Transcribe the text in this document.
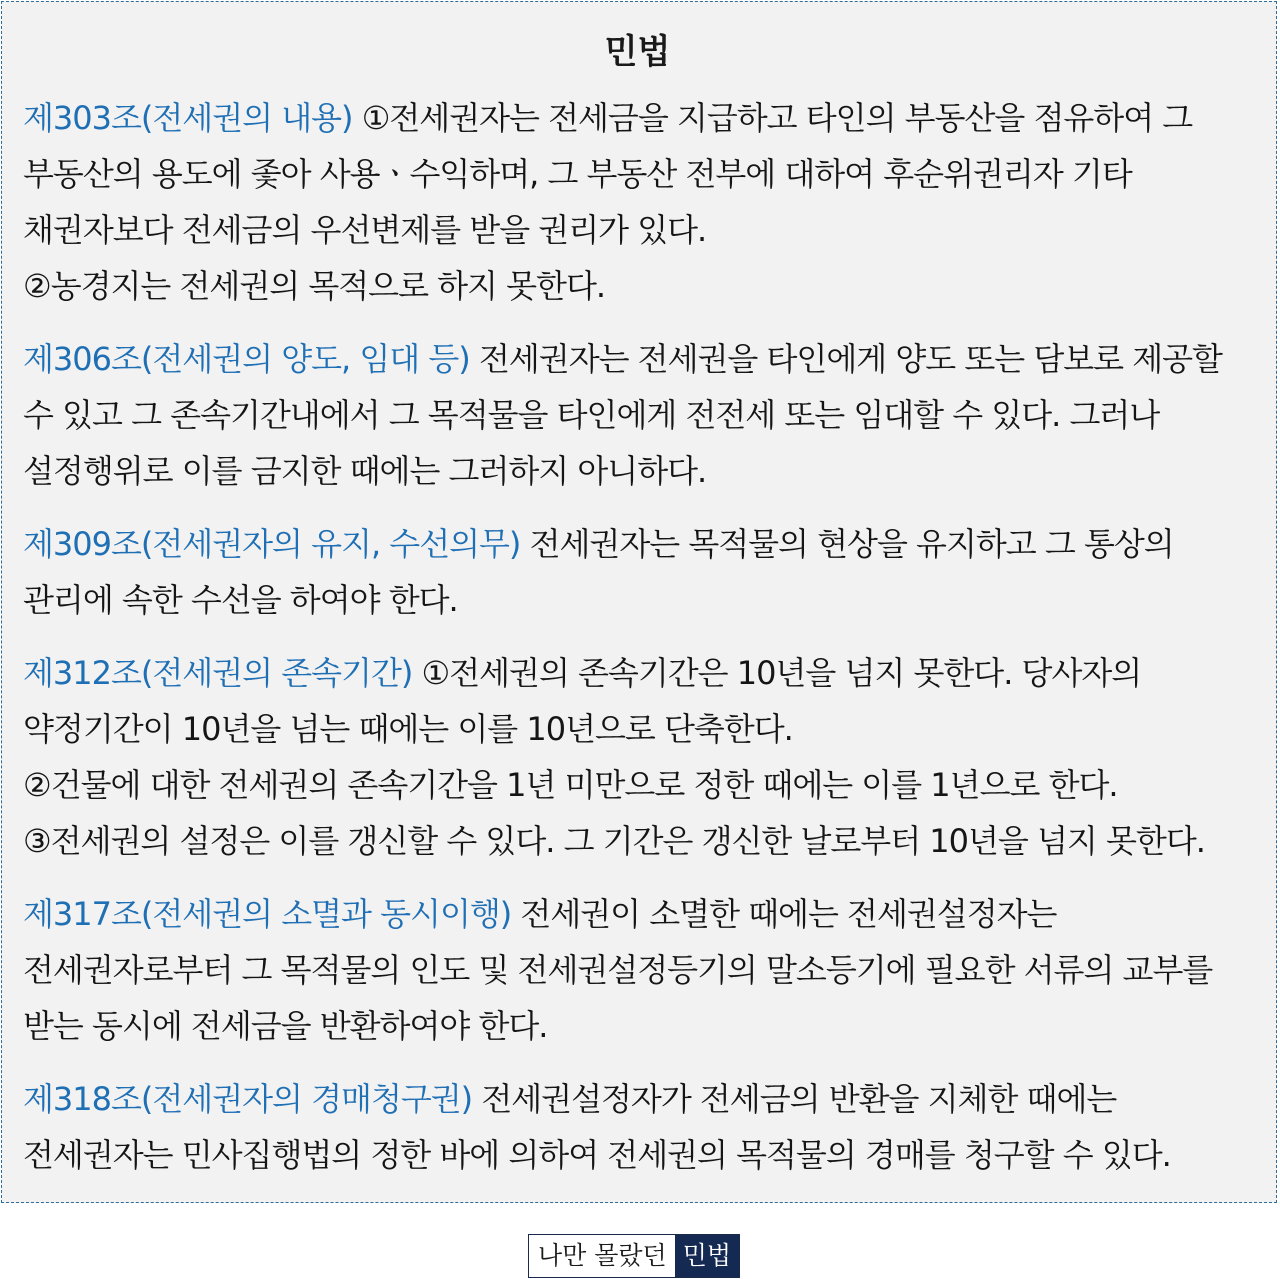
민법
제303조(전세권의 내용) ①전세권자는 전세금을 지급하고 타인의 부동산을 점유하여 그 부동산의 용도에 좇아 사용ㆍ수익하며, 그 부동산 전부에 대하여 후순위권리자 기타 채권자보다 전세금의 우선변제를 받을 권리가 있다.
②농경지는 전세권의 목적으로 하지 못한다.
제306조(전세권의 양도, 임대 등) 전세권자는 전세권을 타인에게 양도 또는 담보로 제공할 수 있고 그 존속기간내에서 그 목적물을 타인에게 전전세 또는 임대할 수 있다. 그러나 설정행위로 이를 금지한 때에는 그러하지 아니하다.
제309조(전세권자의 유지, 수선의무) 전세권자는 목적물의 현상을 유지하고 그 통상의 관리에 속한 수선을 하여야 한다.
제312조(전세권의 존속기간) ①전세권의 존속기간은 10년을 넘지 못한다. 당사자의 약정기간이 10년을 넘는 때에는 이를 10년으로 단축한다.
②건물에 대한 전세권의 존속기간을 1년 미만으로 정한 때에는 이를 1년으로 한다.
③전세권의 설정은 이를 갱신할 수 있다. 그 기간은 갱신한 날로부터 10년을 넘지 못한다.
제317조(전세권의 소멸과 동시이행) 전세권이 소멸한 때에는 전세권설정자는 전세권자로부터 그 목적물의 인도 및 전세권설정등기의 말소등기에 필요한 서류의 교부를 받는 동시에 전세금을 반환하여야 한다.
제318조(전세권자의 경매청구권) 전세권설정자가 전세금의 반환을 지체한 때에는 전세권자는 민사집행법의 정한 바에 의하여 전세권의 목적물의 경매를 청구할 수 있다.
나만 몰랐던 민법
